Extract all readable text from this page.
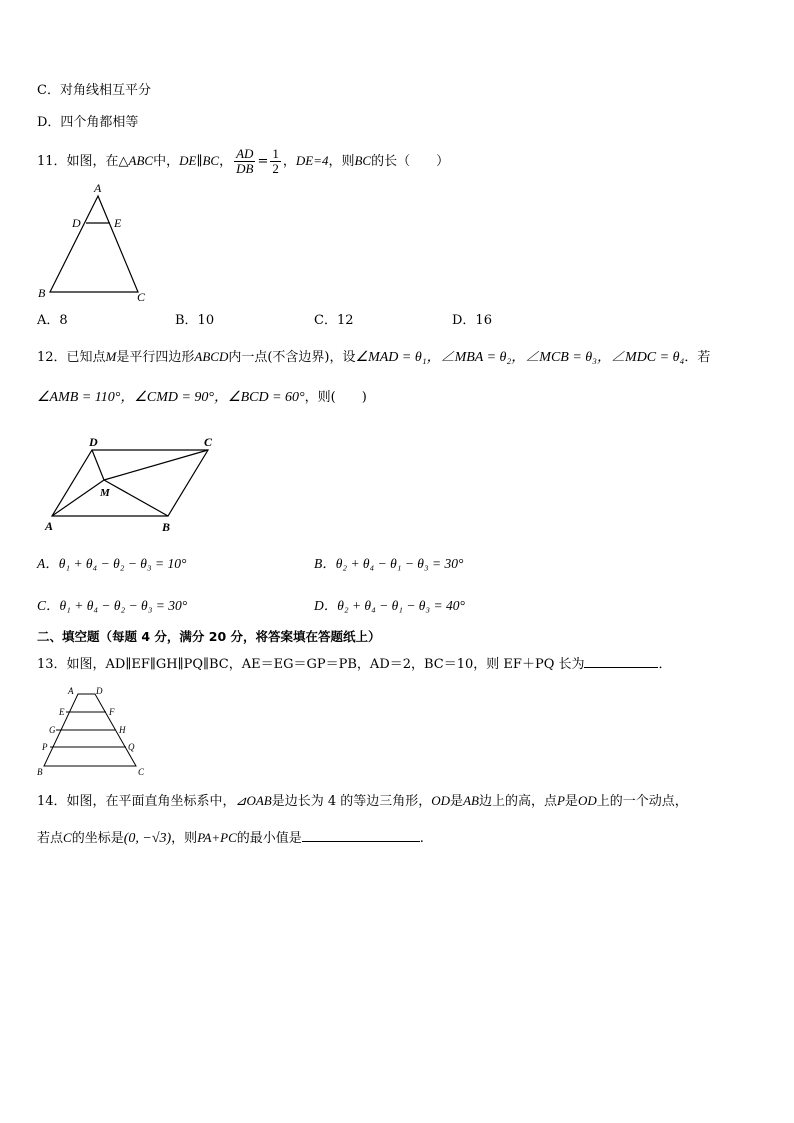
C．对角线相互平分
D．四个角都相等
11．如图，在△ABC中，DE∥BC， $\frac{AD}{DB} = \frac{1}{2}$ ，DE=4，则BC的长（　　）
A
D	E
B	C
A．8	B．10	C．12	D．16
12．已知点M是平行四边形ABCD内一点(不含边界)，设∠MAD = θ₁，∠MBA = θ₂，∠MCB = θ₃，∠MDC = θ₄．若
∠AMB = 110°，∠CMD = 90°，∠BCD = 60°，则(　　)
D	C
M
A	B
A．θ₁ + θ₄ − θ₂ − θ₃ = 10°	B．θ₂ + θ₄ − θ₁ − θ₃ = 30°
C．θ₁ + θ₄ − θ₂ − θ₃ = 30°	D．θ₂ + θ₄ − θ₁ − θ₃ = 40°
二、填空题（每题 4 分，满分 20 分，将答案填在答题纸上）
13．如图，AD∥EF∥GH∥PQ∥BC，AE＝EG＝GP＝PB，AD＝2，BC＝10，则 EF＋PQ 长为	．
A	D
E	F
G	H
P	Q
B	C
14．如图，在平面直角坐标系中，⊿OAB是边长为 4 的等边三角形，OD是AB边上的高，点P是OD上的一个动点，
若点C的坐标是(0, −√3)，则PA+PC的最小值是	.
